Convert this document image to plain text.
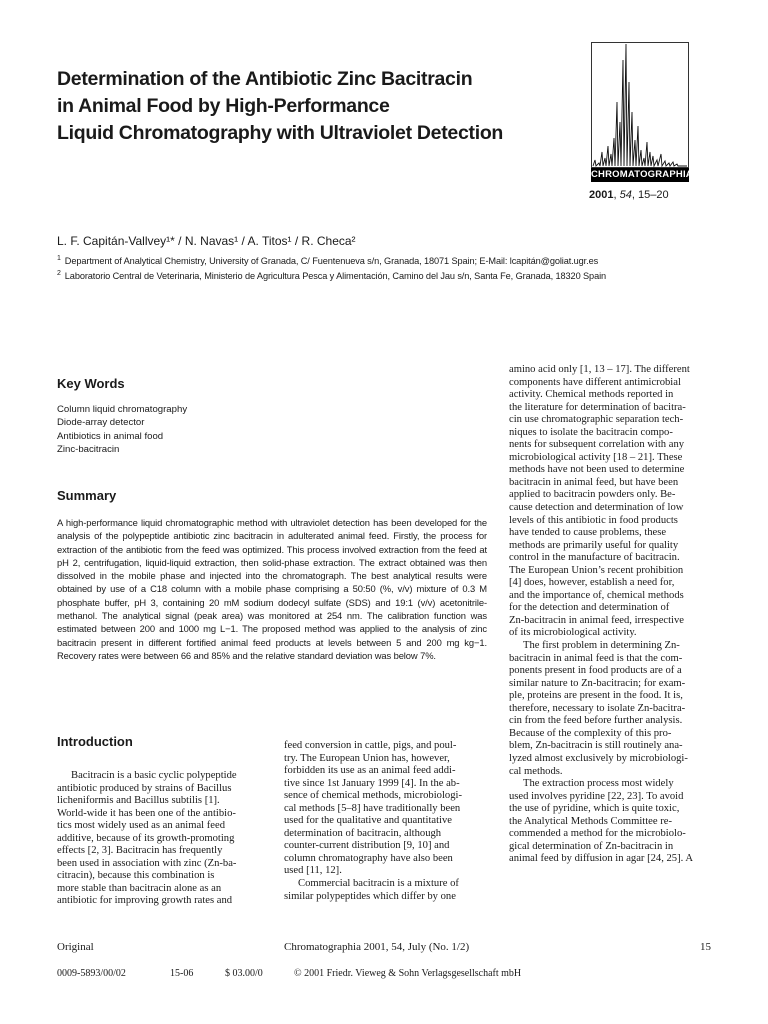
Determination of the Antibiotic Zinc Bacitracin
in Animal Food by High-Performance
Liquid Chromatography with Ultraviolet Detection
CHROMATOGRAPHIA
2001, 54, 15–20
L. F. Capitán-Vallvey¹* / N. Navas¹ / A. Titos¹ / R. Checa²
$^1$ Department of Analytical Chemistry, University of Granada, C/ Fuentenueva s/n, Granada, 18071 Spain; E-Mail: lcapitán@goliat.ugr.es
$^2$ Laboratorio Central de Veterinaria, Ministerio de Agricultura Pesca y Alimentación, Camino del Jau s/n, Santa Fe, Granada, 18320 Spain
Key Words
Column liquid chromatography
Diode-array detector
Antibiotics in animal food
Zinc-bacitracin
Summary

A high-performance liquid chromatographic method with ultraviolet detection has been developed for the analysis of the polypeptide antibiotic zinc bacitracin in adulterated animal feed. Firstly, the process for extraction of the antibiotic from the feed was optimized. This process involved extraction from the feed at pH 2, centrifugation, liquid-liquid extraction, then solid-phase extraction. The extract obtained was then dissolved in the mobile phase and injected into the chromatograph. The best analytical results were obtained by use of a C18 column with a mobile phase comprising a 50:50 (%, v/v) mixture of 0.3 M phosphate buffer, pH 3, containing 20 mM sodium dodecyl sulfate (SDS) and 19:1 (v/v) acetonitrile-methanol. The analytical signal (peak area) was monitored at 254 nm. The calibration function was estimated between 200 and 1000 mg L−1. The proposed method was applied to the analysis of zinc bacitracin present in different fortified animal feed products at levels between 5 and 200 mg kg−1. Recovery rates were between 66 and 85% and the relative standard deviation was below 7%.

Introduction
Bacitracin is a basic cyclic polypeptide
antibiotic produced by strains of Bacillus
licheniformis and Bacillus subtilis [1].
World-wide it has been one of the antibio-
tics most widely used as an animal feed
additive, because of its growth-promoting
effects [2, 3]. Bacitracin has frequently
been used in association with zinc (Zn-ba-
citracin), because this combination is
more stable than bacitracin alone as an
antibiotic for improving growth rates and
feed conversion in cattle, pigs, and poul-
try. The European Union has, however,
forbidden its use as an animal feed addi-
tive since 1st January 1999 [4]. In the ab-
sence of chemical methods, microbiologi-
cal methods [5–8] have traditionally been
used for the qualitative and quantitative
determination of bacitracin, although
counter-current distribution [9, 10] and
column chromatography have also been
used [11, 12].
Commercial bacitracin is a mixture of
similar polypeptides which differ by one
amino acid only [1, 13 – 17]. The different
components have different antimicrobial
activity. Chemical methods reported in
the literature for determination of bacitra-
cin use chromatographic separation tech-
niques to isolate the bacitracin compo-
nents for subsequent correlation with any
microbiological activity [18 – 21]. These
methods have not been used to determine
bacitracin in animal feed, but have been
applied to bacitracin powders only. Be-
cause detection and determination of low
levels of this antibiotic in food products
have tended to cause problems, these
methods are primarily useful for quality
control in the manufacture of bacitracin.
The European Union’s recent prohibition
[4] does, however, establish a need for,
and the importance of, chemical methods
for the detection and determination of
Zn-bacitracin in animal feed, irrespective
of its microbiological activity.
The first problem in determining Zn-
bacitracin in animal feed is that the com-
ponents present in food products are of a
similar nature to Zn-bacitracin; for exam-
ple, proteins are present in the food. It is,
therefore, necessary to isolate Zn-bacitra-
cin from the feed before further analysis.
Because of the complexity of this pro-
blem, Zn-bacitracin is still routinely ana-
lyzed almost exclusively by microbiologi-
cal methods.
The extraction process most widely
used involves pyridine [22, 23]. To avoid
the use of pyridine, which is quite toxic,
the Analytical Methods Committee re-
commended a method for the microbiolo-
gical determination of Zn-bacitracin in
animal feed by diffusion in agar [24, 25]. A
Original	Chromatographia 2001, 54, July (No. 1/2)	15
0009-5893/00/02	15-06	$ 03.00/0	© 2001 Friedr. Vieweg & Sohn Verlagsgesellschaft mbH
